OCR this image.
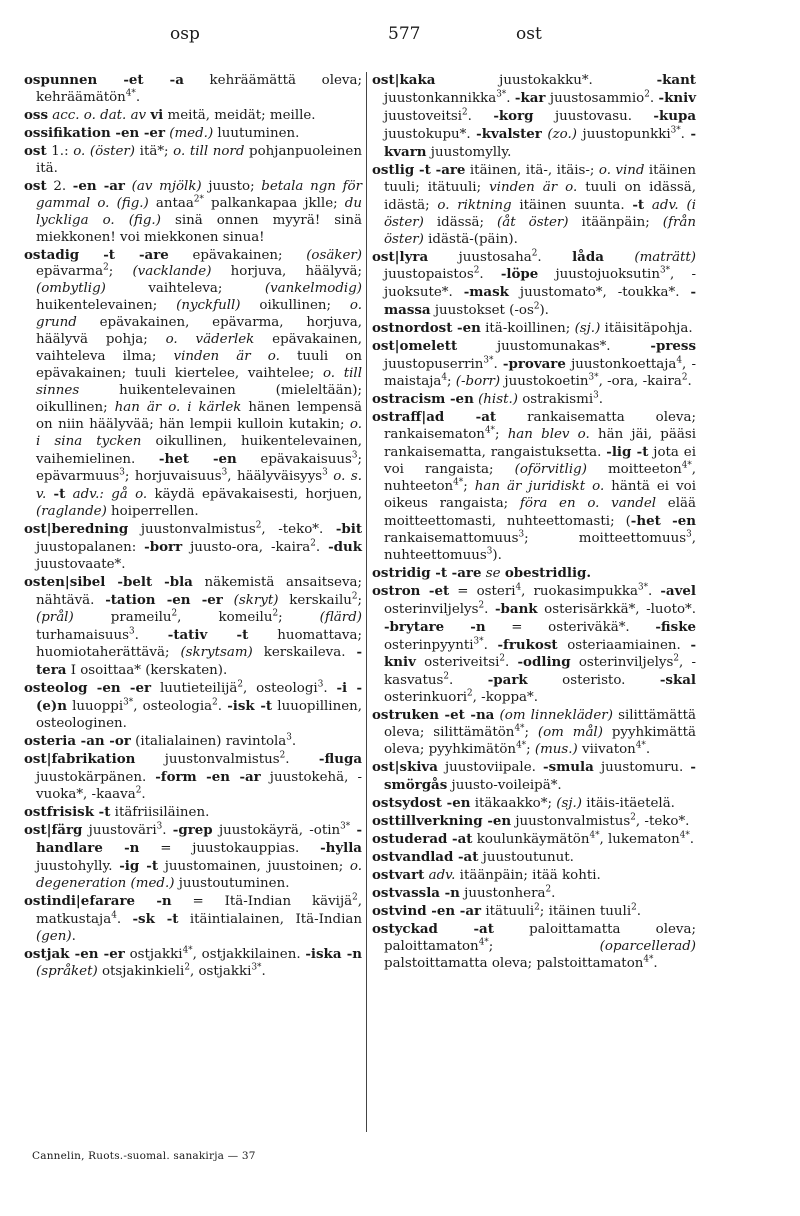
osp	577	ost

ospunnen -et -a kehräämättä oleva; kehräämätön$^{4*}$.

oss acc. o. dat. av vi meitä, meidät; meille.

ossifikation -en -er (med.) luutuminen.

ost 1.: o. (öster) itä*; o. till nord pohjanpuoleinen itä.

ost 2. -en -ar (av mjölk) juusto; betala ngn för gammal o. (fig.) antaa$^{2*}$ palkankapaa jklle; du lyckliga o. (fig.) sinä onnen myyrä! sinä miekkonen! voi miekkonen sinua!

ostadig -t -are epävakainen; (osäker) epävarma$^2$; (vacklande) horjuva, häälyvä; (ombytlig) vaihteleva; (vankelmodig) huikentelevainen; (nyckfull) oikullinen; o. grund epävakainen, epävarma, horjuva, häälyvä pohja; o. väderlek epävakainen, vaihteleva ilma; vinden är o. tuuli on epävakainen; tuuli kiertelee, vaihtelee; o. till sinnes huikentelevainen (mieleltään); oikullinen; han är o. i kärlek hänen lempensä on niin häälyvää; hän lempii kulloin kutakin; o. i sina tycken oikullinen, huikentelevainen, vaihemielinen. -het -en epävakaisuus$^3$; epävarmuus$^3$; horjuvaisuus$^3$, häälyväisyys$^3$ o. s. v. -t adv.: gå o. käydä epävakaisesti, horjuen, (raglande) hoiperrellen.

ost|beredning juustonvalmistus$^2$, -teko*. -bit juustopalanen: -borr juusto-ora, -kaira$^2$. -duk juustovaate*.

osten|sibel -belt -bla näkemistä ansaitseva; nähtävä. -tation -en -er (skryt) kerskailu$^2$; (prål) prameilu$^2$, komeilu$^2$; (flärd) turhamaisuus$^3$. -tativ -t huomattava; huomiotaherättävä; (skrytsam) kerskaileva. -tera I osoittaa* (kerskaten).

osteolog -en -er luutieteilijä$^2$, osteologi$^3$. -i -(e)n luuoppi$^{3*}$, osteologia$^2$. -isk -t luuopillinen, osteologinen.

osteria -an -or (italialainen) ravintola$^3$.

ost|fabrikation juustonvalmistus$^2$. -fluga juustokärpänen. -form -en -ar juustokehä, -vuoka*, -kaava$^2$.

ostfrisisk -t itäfriisiläinen.

ost|färg juustoväri$^3$. -grep juustokäyrä, -otin$^{3*}$ -handlare -n = juustokauppias. -hylla juustohylly. -ig -t juustomainen, juustoinen; o. degeneration (med.) juustoutuminen.

ostindi|efarare -n = Itä-Indian kävijä$^2$, matkustaja$^4$. -sk -t itäintialainen, Itä-Indian (gen).

ostjak -en -er ostjakki$^{4*}$, ostjakkilainen. -iska -n (språket) otsjakinkieli$^2$, ostjakki$^{3*}$.

ost|kaka juustokakku*. -kant juustonkannikka$^{3*}$. -kar juustosammio$^2$. -kniv juustoveitsi$^2$. -korg juustovasu. -kupa juustokupu*. -kvalster (zo.) juustopunkki$^{3*}$. -kvarn juustomylly.

ostlig -t -are itäinen, itä-, itäis-; o. vind itäinen tuuli; itätuuli; vinden är o. tuuli on idässä, idästä; o. riktning itäinen suunta. -t adv. (i öster) idässä; (åt öster) itäänpäin; (från öster) idästä-(päin).

ost|lyra juustosaha$^2$. låda (maträtt) juustopaistos$^2$. -löpe juustojuoksutin$^{3*}$, -juoksute*. -mask juustomato*, -toukka*. -massa juustokset $(-os^2)$.

ostnordost -en itä-koillinen; (sj.) itäisitäpohja.

ost|omelett juustomunakas*. -press juustopuserrin$^{3*}$. -provare juustonkoettaja$^4$, -maistaja$^4$; (-borr) juustokoetin$^{3*}$, -ora, -kaira$^2$.

ostracism -en (hist.) ostrakismi$^3$.

ostraff|ad -at rankaisematta oleva; rankaisematon$^{4*}$; han blev o. hän jäi, pääsi rankaisematta, rangaistuksetta. -lig -t jota ei voi rangaista; (oförvitlig) moitteeton$^{4*}$, nuhteeton$^{4*}$; han är juridiskt o. häntä ei voi oikeus rangaista; föra en o. vandel elää moitteettomasti, nuhteettomasti; (-het -en rankaisemattomuus$^3$; moitteettomuus$^3$, nuhteettomuus$^3$).

ostridig -t -are se obestridlig.

ostron -et = osteri$^4$, ruokasimpukka$^{3*}$. -avel osterinviljelys$^2$. -bank osterisärkkä*, -luoto*. -brytare -n = osteriväkä*. -fiske osterinpyynti$^{3*}$. -frukost osteriaamiainen. -kniv osteriveitsi$^2$. -odling osterinviljelys$^2$, -kasvatus$^2$. -park osteristo. -skal osterinkuori$^2$, -koppa*.

ostruken -et -na (om linnekläder) silittämättä oleva; silittämätön$^{4*}$; (om mål) pyyhkimättä oleva; pyyhkimätön$^{4*}$; (mus.) viivaton$^{4*}$.

ost|skiva juustoviipale. -smula juustomuru. -smörgås juusto-voileipä*.

ostsydost -en itäkaakko*; (sj.) itäis-itäetelä.

osttillverkning -en juustonvalmistus$^2$, -teko*.

ostuderad -at koulunkäymätön$^{4*}$, lukematon$^{4*}$.

ostvandlad -at juustoutunut.

ostvart adv. itäänpäin; itää kohti.

ostvassla -n juustonhera$^2$.

ostvind -en -ar itätuuli$^2$; itäinen tuuli$^2$.

ostyckad -at paloittamatta oleva; paloittamaton$^{4*}$; (oparcellerad) palstoittamatta oleva; palstoittamaton$^{4*}$.

Cannelin, Ruots.-suomal. sanakirja — 37
